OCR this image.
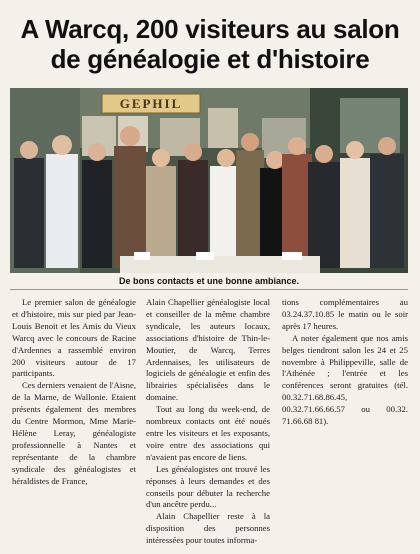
A Warcq, 200 visiteurs au salon
de généalogie et d'histoire
GEPHIL
De bons contacts et une bonne ambiance.

Le premier salon de généalogie et d'histoire, mis sur pied par Jean-Louis Benoit et les Amis du Vieux Warcq avec le concours de Racine d'Ardennes a rassemblé environ 200 visiteurs autour de 17 participants.

Ces derniers venaient de l'Aisne, de la Marne, de Wallonie. Etaient présents également des membres du Centre Mormon, Mme Marie-Hélène Leray, généalogiste professionnelle à Nantes et représentante de la chambre syndicale des généalogistes et héraldistes de France,

Alain Chapellier généalogiste local et conseiller de la même chambre syndicale, les auteurs locaux, associations d'histoire de Thin-le-Moutier, de Warcq, Terres Ardennaises, les utilisateurs de logiciels de généalogie et enfin des librairies spécialisées dans le domaine.

Tout au long du week-end, de nombreux contacts ont été noués entre les visiteurs et les exposants, voire entre des associations qui n'avaient pas encore de liens.

Les généalogistes ont trouvé les réponses à leurs demandes et des conseils pour débuter la recherche d'un ancêtre perdu...

Alain Chapellier reste à la disposition des personnes intéressées pour toutes informa-

tions complémentaires au 03.24.37.10.85 le matin ou le soir après 17 heures.

A noter également que nos amis belges tiendront salon les 24 et 25 novembre à Philippeville, salle de l'Athénée ; l'entrée et les conférences seront gratuites (tél. 00.32.71.68.86.45, 00.32.71.66.66.57 ou 00.32. 71.66.68 81).
